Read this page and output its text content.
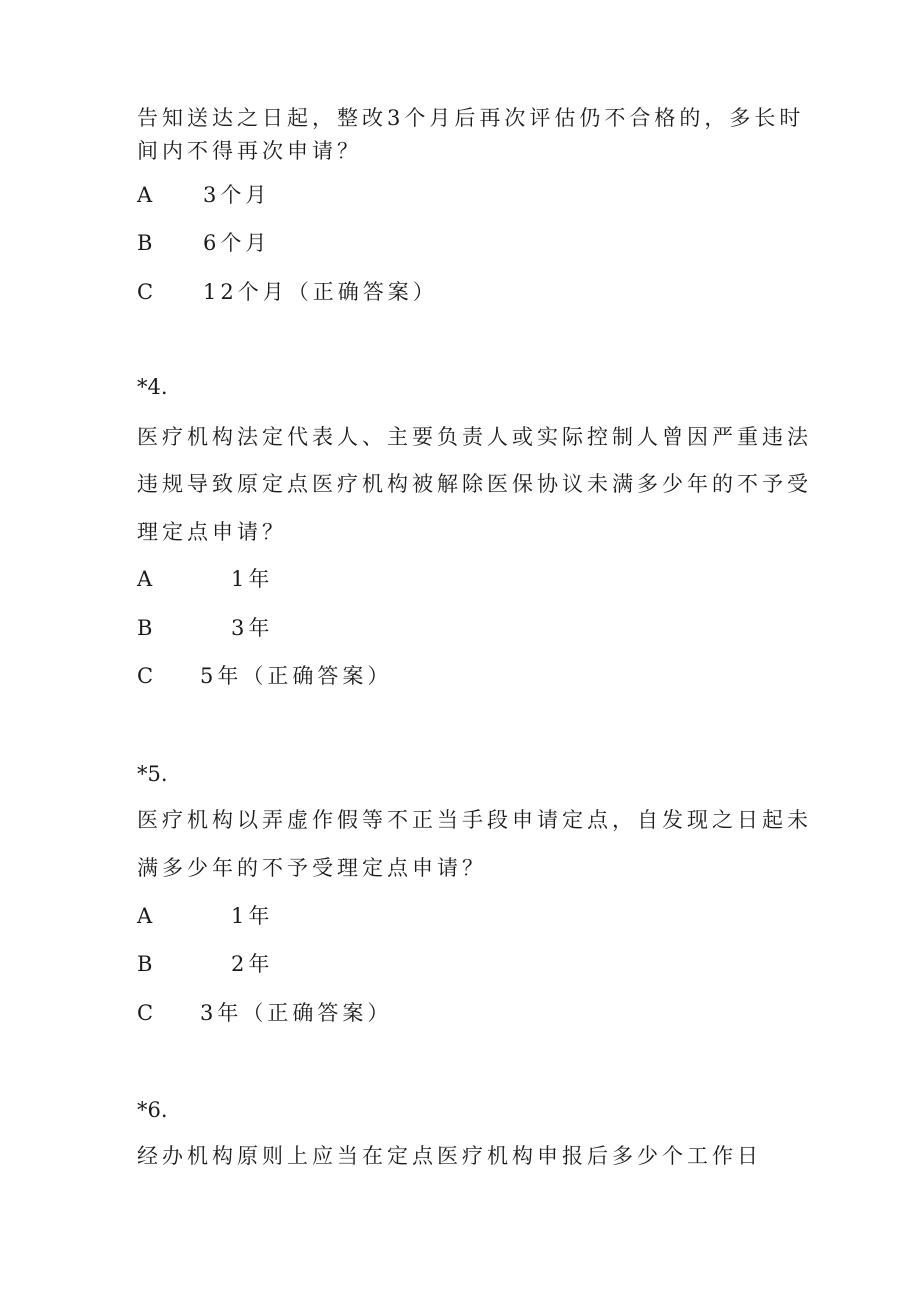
告知送达之日起，整改3个月后再次评估仍不合格的，多长时
间内不得再次申请？
A 3个月
B 6个月
C 12个月（正确答案）
*4.
医疗机构法定代表人、主要负责人或实际控制人曾因严重违法
违规导致原定点医疗机构被解除医保协议未满多少年的不予受
理定点申请？
A	1年
B	3年
C 5年（正确答案）
*5.
医疗机构以弄虚作假等不正当手段申请定点，自发现之日起未
满多少年的不予受理定点申请？
A	1年
B	2年
C 3年（正确答案）
*6.
经办机构原则上应当在定点医疗机构申报后多少个工作日
